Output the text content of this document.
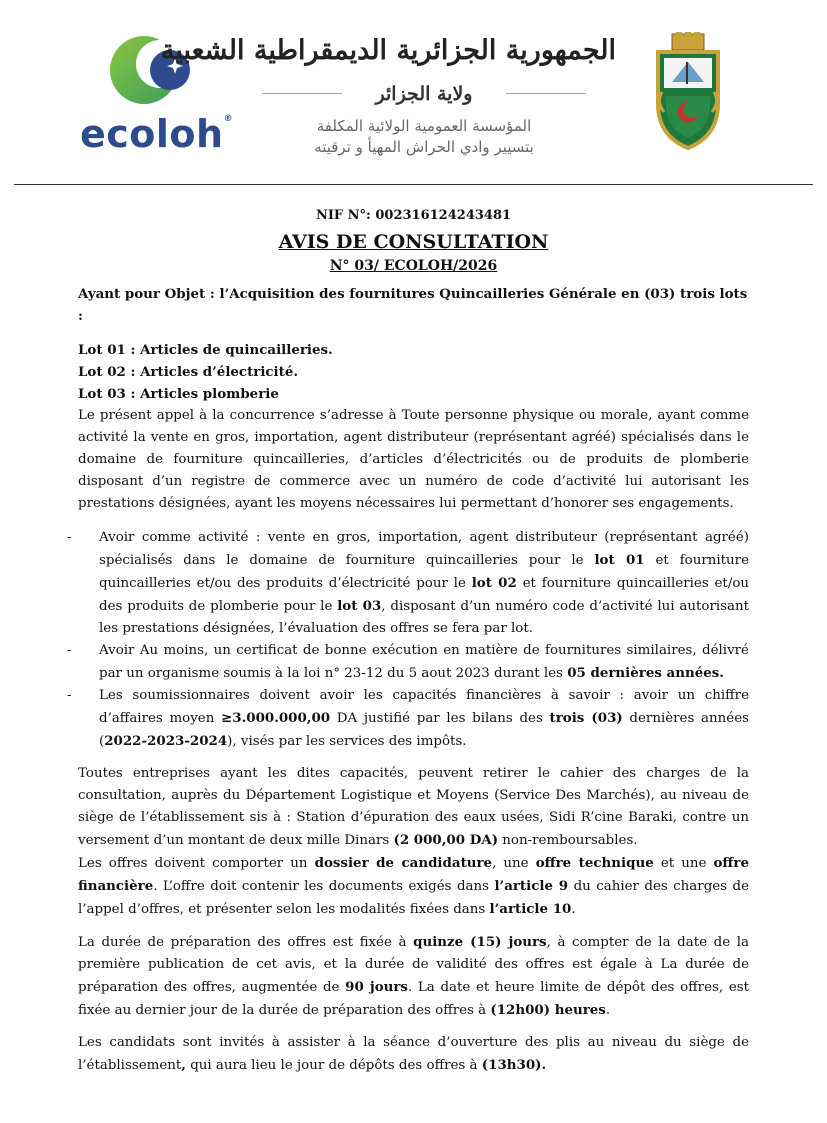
ecoloh®
الجمهورية الجزائرية الديمقراطية الشعبية
ولاية الجزائر
المؤسسة العمومية الولائية المكلفة
بتسيير وادي الحراش المهيأ و ترقيته
NIF N°: 002316124243481
AVIS DE CONSULTATION
N° 03/ ECOLOH/2026
Ayant pour Objet : l’Acquisition des fournitures Quincailleries Générale en (03) trois lots :
Lot 01 : Articles de quincailleries.
Lot 02 : Articles d’électricité.
Lot 03 : Articles plomberie

Le présent appel à la concurrence s’adresse à Toute personne physique ou morale, ayant comme activité la vente en gros, importation, agent distributeur (représentant agréé) spécialisés dans le domaine de fourniture quincailleries, d’articles d’électricités ou de produits de plomberie disposant d’un registre de commerce avec un numéro de code d’activité lui autorisant les prestations désignées, ayant les moyens nécessaires lui permettant d’honorer ses engagements.

- Avoir comme activité : vente en gros, importation, agent distributeur (représentant agréé) spécialisés dans le domaine de fourniture quincailleries pour le lot 01 et fourniture quincailleries et/ou des produits d’électricité pour le lot 02 et fourniture quincailleries et/ou des produits de plomberie pour le lot 03, disposant d’un numéro code d’activité lui autorisant les prestations désignées, l’évaluation des offres se fera par lot.
- Avoir Au moins, un certificat de bonne exécution en matière de fournitures similaires, délivré par un organisme soumis à la loi n° 23-12 du 5 aout 2023 durant les 05 dernières années.
- Les soumissionnaires doivent avoir les capacités financières à savoir : avoir un chiffre d’affaires moyen ≥3.000.000,00 DA justifié par les bilans des trois (03) dernières années (2022-2023-2024), visés par les services des impôts.

Toutes entreprises ayant les dites capacités, peuvent retirer le cahier des charges de la consultation, auprès du Département Logistique et Moyens (Service Des Marchés), au niveau de siège de l’établissement sis à : Station d’épuration des eaux usées, Sidi R’cine Baraki, contre un versement d’un montant de deux mille Dinars (2 000,00 DA) non-remboursables.

Les offres doivent comporter un dossier de candidature, une offre technique et une offre financière. L’offre doit contenir les documents exigés dans l’article 9 du cahier des charges de l’appel d’offres, et présenter selon les modalités fixées dans l’article 10.

La durée de préparation des offres est fixée à quinze (15) jours, à compter de la date de la première publication de cet avis, et la durée de validité des offres est égale à La durée de préparation des offres, augmentée de 90 jours. La date et heure limite de dépôt des offres, est fixée au dernier jour de la durée de préparation des offres à (12h00) heures.

Les candidats sont invités à assister à la séance d’ouverture des plis au niveau du siège de l’établissement, qui aura lieu le jour de dépôts des offres à (13h30).
